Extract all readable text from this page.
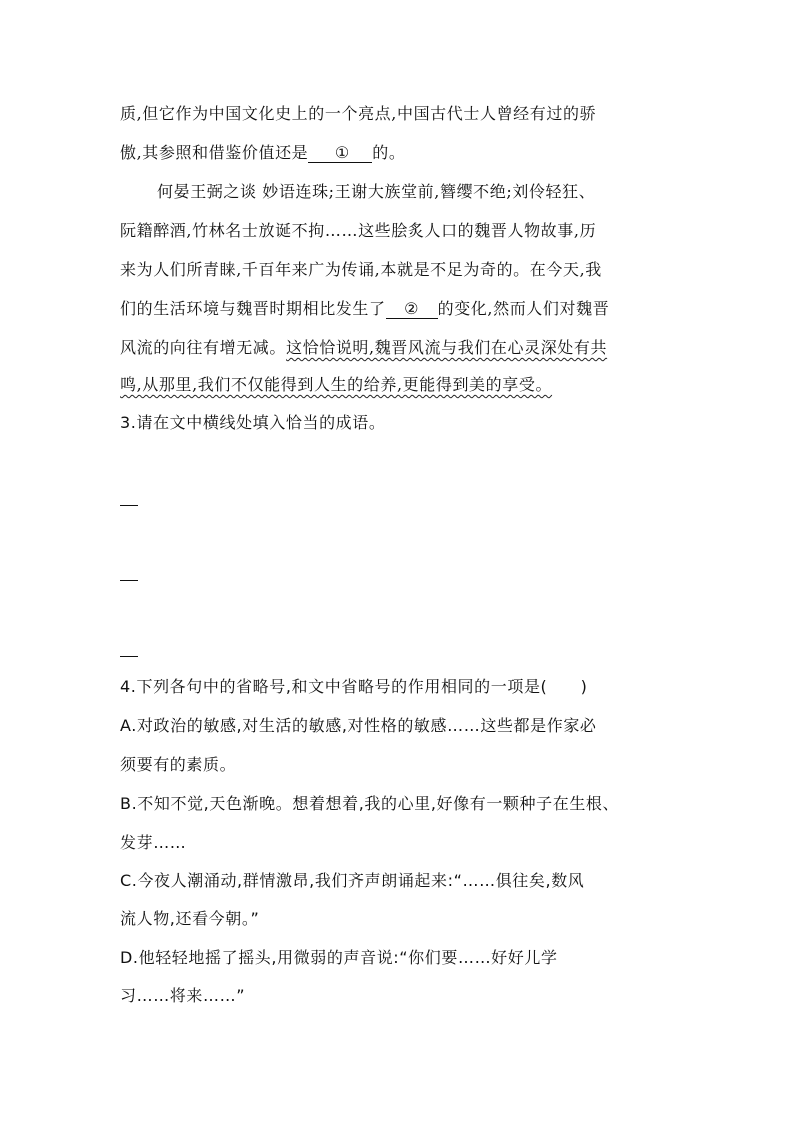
质,但它作为中国文化史上的一个亮点,中国古代士人曾经有过的骄
傲,其参照和借鉴价值还是 ① 的。
何晏王弼之谈 妙语连珠;王谢大族堂前,簪缨不绝;刘伶轻狂、
阮籍醉酒,竹林名士放诞不拘……这些脍炙人口的魏晋人物故事,历
来为人们所青睐,千百年来广为传诵,本就是不足为奇的。在今天,我
们的生活环境与魏晋时期相比发生了 ② 的变化,然而人们对魏晋
风流的向往有增无减。这恰恰说明,魏晋风流与我们在心灵深处有共
鸣,从那里,我们不仅能得到人生的给养,更能得到美的享受。
3.请在文中横线处填入恰当的成语。
4.下列各句中的省略号,和文中省略号的作用相同的一项是(　　)
A.对政治的敏感,对生活的敏感,对性格的敏感……这些都是作家必
须要有的素质。
B.不知不觉,天色渐晚。想着想着,我的心里,好像有一颗种子在生根、
发芽……
C.今夜人潮涌动,群情激昂,我们齐声朗诵起来:“……俱往矣,数风
流人物,还看今朝。”
D.他轻轻地摇了摇头,用微弱的声音说:“你们要……好好儿学
习……将来……”
